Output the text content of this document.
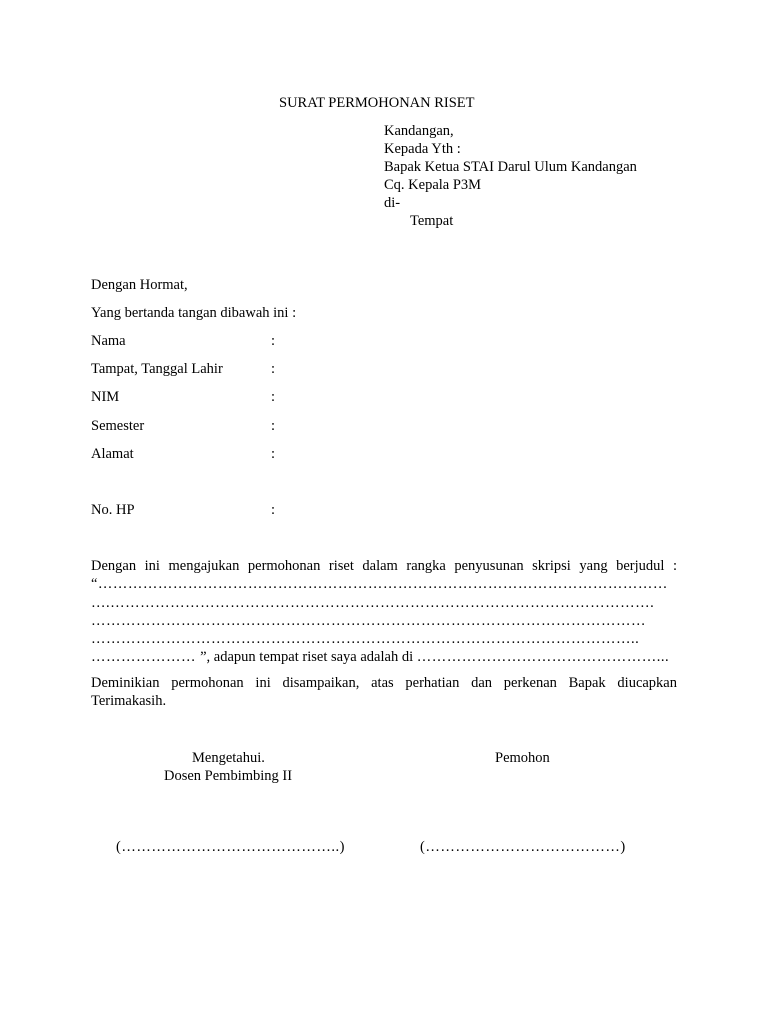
SURAT PERMOHONAN RISET
Kandangan,
Kepada Yth :
Bapak Ketua STAI Darul Ulum Kandangan
Cq. Kepala P3M
di-
Tempat
Dengan Hormat,
Yang bertanda tangan dibawah ini :
Nama	:
Tampat, Tanggal Lahir	:
NIM	:
Semester	:
Alamat	:
No. HP	:
Dengan ini mengajukan permohonan riset dalam rangka penyusunan skripsi yang berjudul :
“……………………………………………………………………………………………………
….……………………………………………………………………………………………….
…………………………………………………………………………………………………
………………………………………………………………………………………………..
………………… ”, adapun tempat riset saya adalah di …………………………………………...
Deminikian permohonan ini disampaikan, atas perhatian dan perkenan Bapak diucapkan Terimakasih.
Mengetahui.
Dosen Pembimbing II
Pemohon
(……………………………………..)	(…………………………………)
